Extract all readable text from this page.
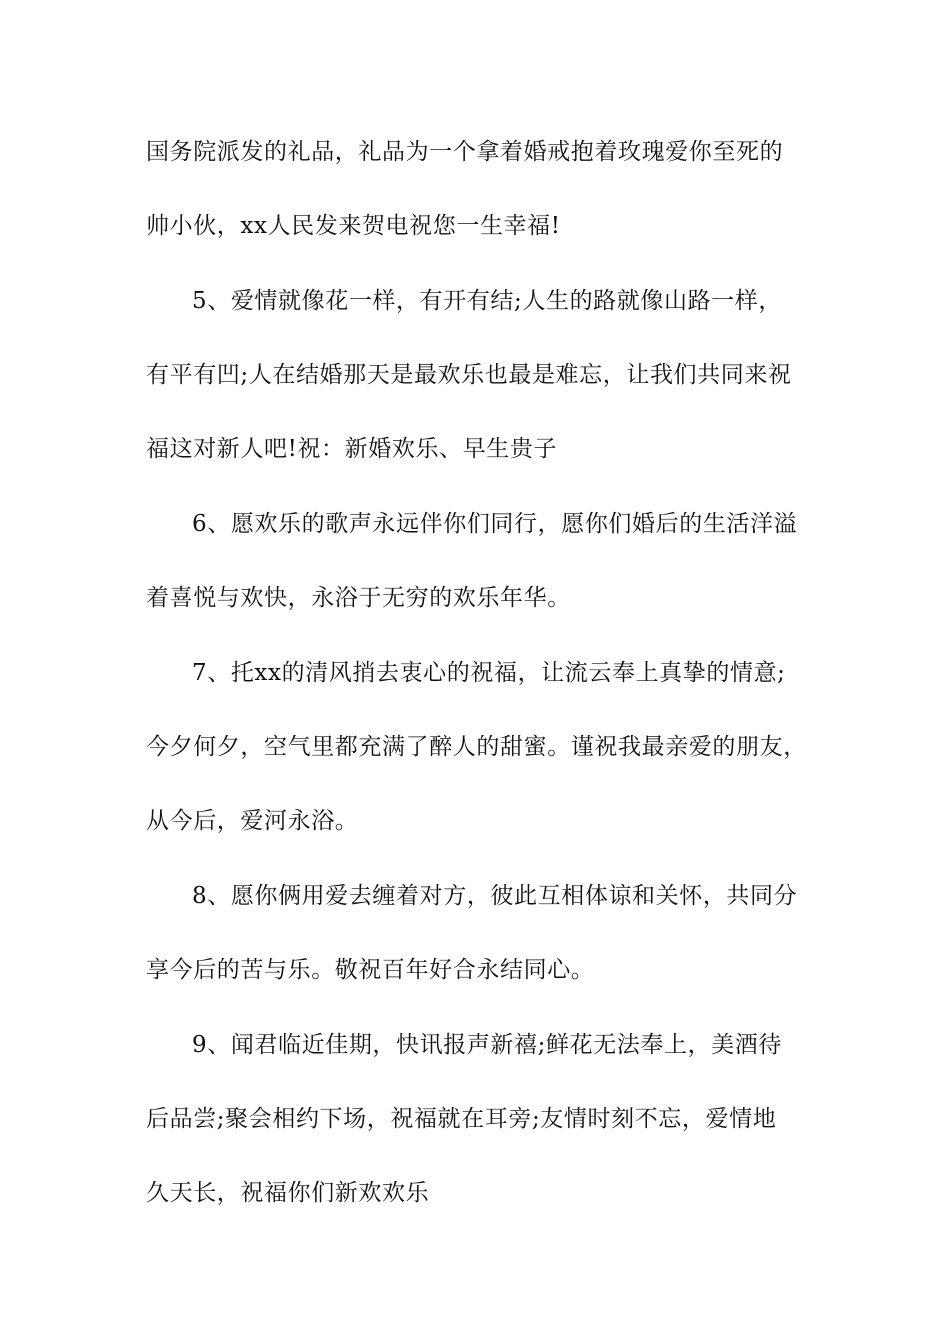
国务院派发的礼品，礼品为一个拿着婚戒抱着玫瑰爱你至死的
帅小伙，xx人民发来贺电祝您一生幸福!
5、爱情就像花一样，有开有结;人生的路就像山路一样，
有平有凹;人在结婚那天是最欢乐也最是难忘，让我们共同来祝
福这对新人吧!祝：新婚欢乐、早生贵子
6、愿欢乐的歌声永远伴你们同行，愿你们婚后的生活洋溢
着喜悦与欢快，永浴于无穷的欢乐年华。
7、托xx的清风捎去衷心的祝福，让流云奉上真挚的情意;
今夕何夕，空气里都充满了醉人的甜蜜。谨祝我最亲爱的朋友，
从今后，爱河永浴。
8、愿你俩用爱去缠着对方，彼此互相体谅和关怀，共同分
享今后的苦与乐。敬祝百年好合永结同心。
9、闻君临近佳期，快讯报声新禧;鲜花无法奉上，美酒待
后品尝;聚会相约下场，祝福就在耳旁;友情时刻不忘，爱情地
久天长，祝福你们新欢欢乐
